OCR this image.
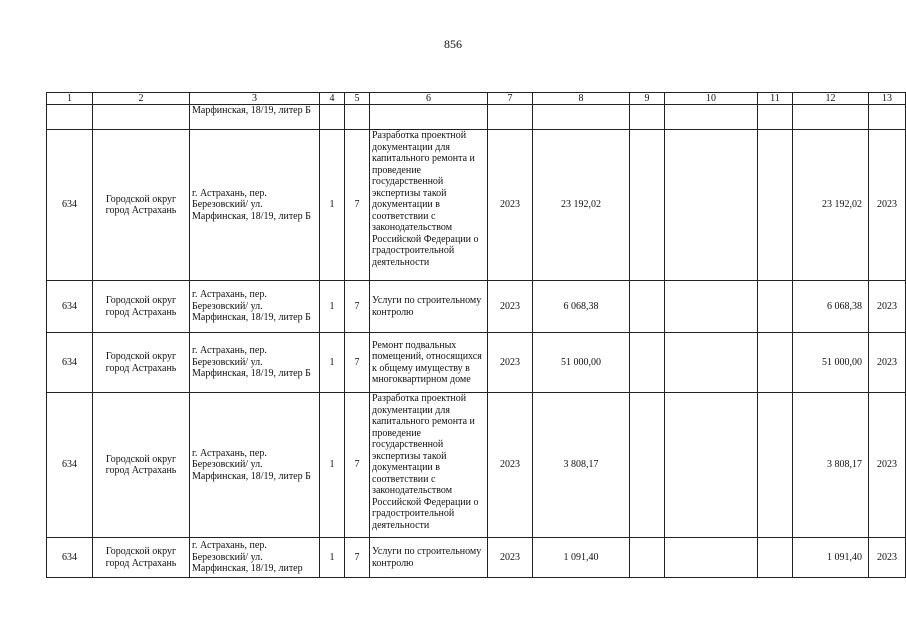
856
1	2	3	4	5	6	7	8	9	10	11	12	13
		Марфинская, 18/19, литер Б										
634	Городской округ город Астрахань	г. Астрахань, пер. Березовский/ ул. Марфинская, 18/19, литер Б	1	7	Разработка проектной документации для капитального ремонта и проведение государственной экспертизы такой документации в соответствии с законодательством Российской Федерации о градостроительной деятельности	2023	23 192,02				23 192,02	2023
634	Городской округ город Астрахань	г. Астрахань, пер. Березовский/ ул. Марфинская, 18/19, литер Б	1	7	Услуги по строительному контролю	2023	6 068,38				6 068,38	2023
634	Городской округ город Астрахань	г. Астрахань, пер. Березовский/ ул. Марфинская, 18/19, литер Б	1	7	Ремонт подвальных помещений, относящихся к общему имуществу в многоквартирном доме	2023	51 000,00				51 000,00	2023
634	Городской округ город Астрахань	г. Астрахань, пер. Березовский/ ул. Марфинская, 18/19, литер Б	1	7	Разработка проектной документации для капитального ремонта и проведение государственной экспертизы такой документации в соответствии с законодательством Российской Федерации о градостроительной деятельности	2023	3 808,17				3 808,17	2023
634	Городской округ город Астрахань	г. Астрахань, пер. Березовский/ ул. Марфинская, 18/19, литер	1	7	Услуги по строительному контролю	2023	1 091,40				1 091,40	2023
